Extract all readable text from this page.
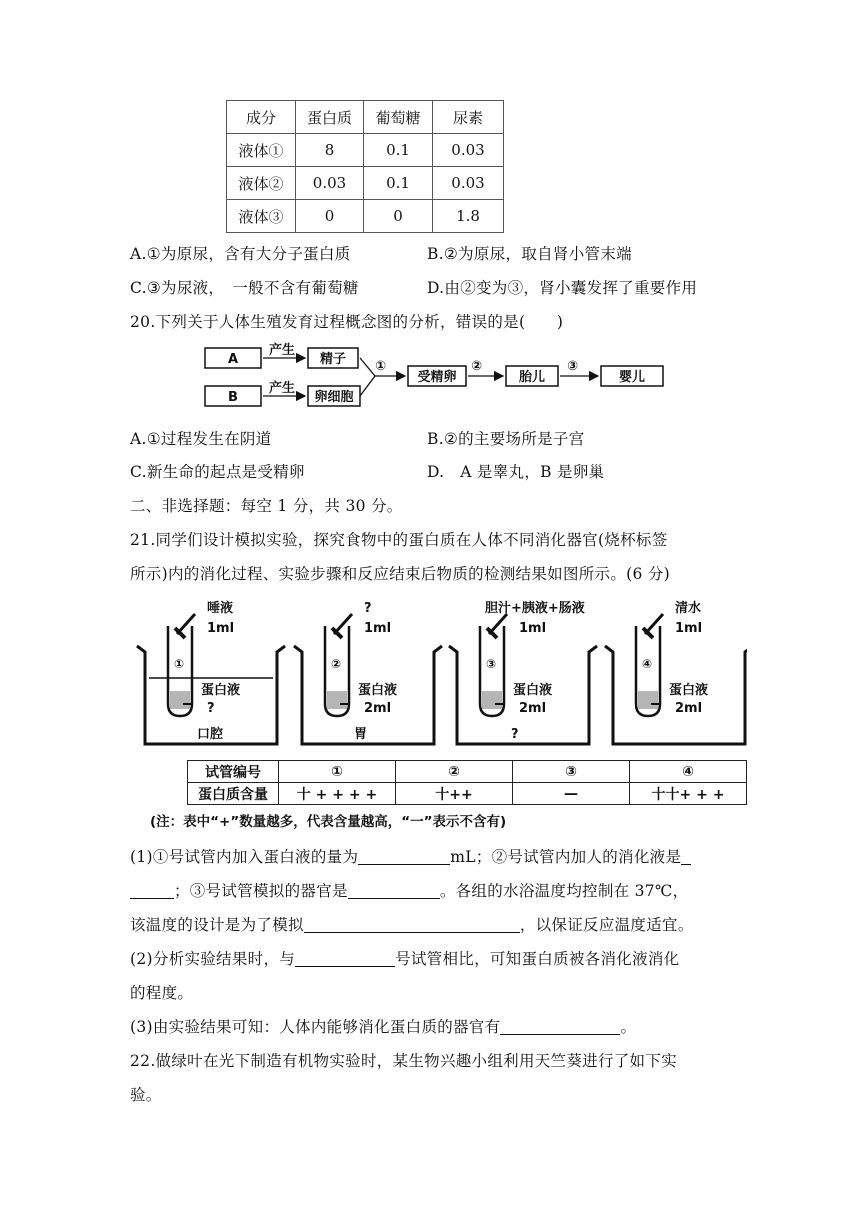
成分	蛋白质	葡萄糖	尿素
液体①	8	0.1	0.03
液体②	0.03	0.1	0.03
液体③	0	0	1.8
A.①为原尿，含有大分子蛋白质	B.②为原尿，取自肾小管末端
C.③为尿液，　一般不含有葡萄糖	D.由②变为③，肾小囊发挥了重要作用
20.下列关于人体生殖发育过程概念图的分析，错误的是(　　)
A
B
产生
产生
精子
卵细胞
①
受精卵
②
胎儿
③
婴儿
A.①过程发生在阴道	B.②的主要场所是子宫
C.新生命的起点是受精卵	D.　A 是睾丸，B 是卵巢
二、非选择题：每空 1 分，共 30 分。
21.同学们设计模拟实验，探究食物中的蛋白质在人体不同消化器官(烧杯标签
所示)内的消化过程、实验步骤和反应结束后物质的检测结果如图所示。(6 分)
唾液
1ml
①
蛋白液
?
口腔
?
1ml
②
蛋白液
2ml
胃
胆汁+胰液+肠液
1ml
③
蛋白液
2ml
?
清水
1ml
④
蛋白液
2ml
试管编号	①	②	③	④
蛋白质含量	十 + + + +	十++	—	十十+ + +
(注：表中“+”数量越多，代表含量越高，“一”表示不含有)
(1)①号试管内加入蛋白液的量为	mL；②号试管内加人的消化液是
；③号试管模拟的器官是	。各组的水浴温度均控制在 37℃，
该温度的设计是为了模拟	，以保证反应温度适宜。
(2)分析实验结果时，与	号试管相比，可知蛋白质被各消化液消化
的程度。
(3)由实验结果可知：人体内能够消化蛋白质的器官有	。
22.做绿叶在光下制造有机物实验时，某生物兴趣小组利用天竺葵进行了如下实
验。
